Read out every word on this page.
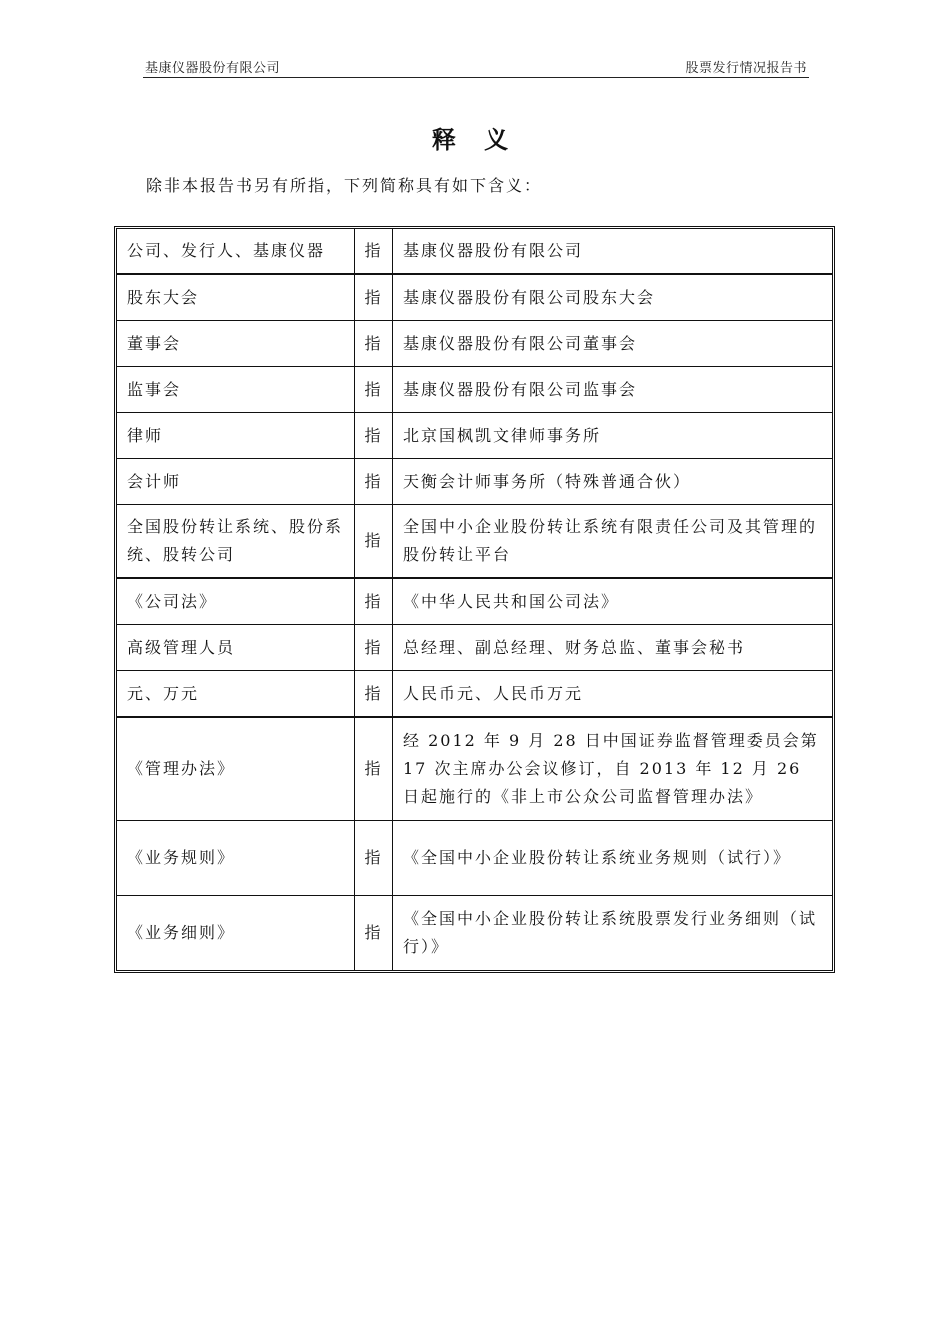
基康仪器股份有限公司	股票发行情况报告书
释 义
除非本报告书另有所指，下列简称具有如下含义：
公司、发行人、基康仪器	指	基康仪器股份有限公司
股东大会	指	基康仪器股份有限公司股东大会
董事会	指	基康仪器股份有限公司董事会
监事会	指	基康仪器股份有限公司监事会
律师	指	北京国枫凯文律师事务所
会计师	指	天衡会计师事务所（特殊普通合伙）
全国股份转让系统、股份系统、股转公司	指	全国中小企业股份转让系统有限责任公司及其管理的股份转让平台
《公司法》	指	《中华人民共和国公司法》
高级管理人员	指	总经理、副总经理、财务总监、董事会秘书
元、万元	指	人民币元、人民币万元
《管理办法》	指	经 2012 年 9 月 28 日中国证券监督管理委员会第 17 次主席办公会议修订，自 2013 年 12 月 26 日起施行的《非上市公众公司监督管理办法》
《业务规则》	指	《全国中小企业股份转让系统业务规则（试行）》
《业务细则》	指	《全国中小企业股份转让系统股票发行业务细则（试行）》
